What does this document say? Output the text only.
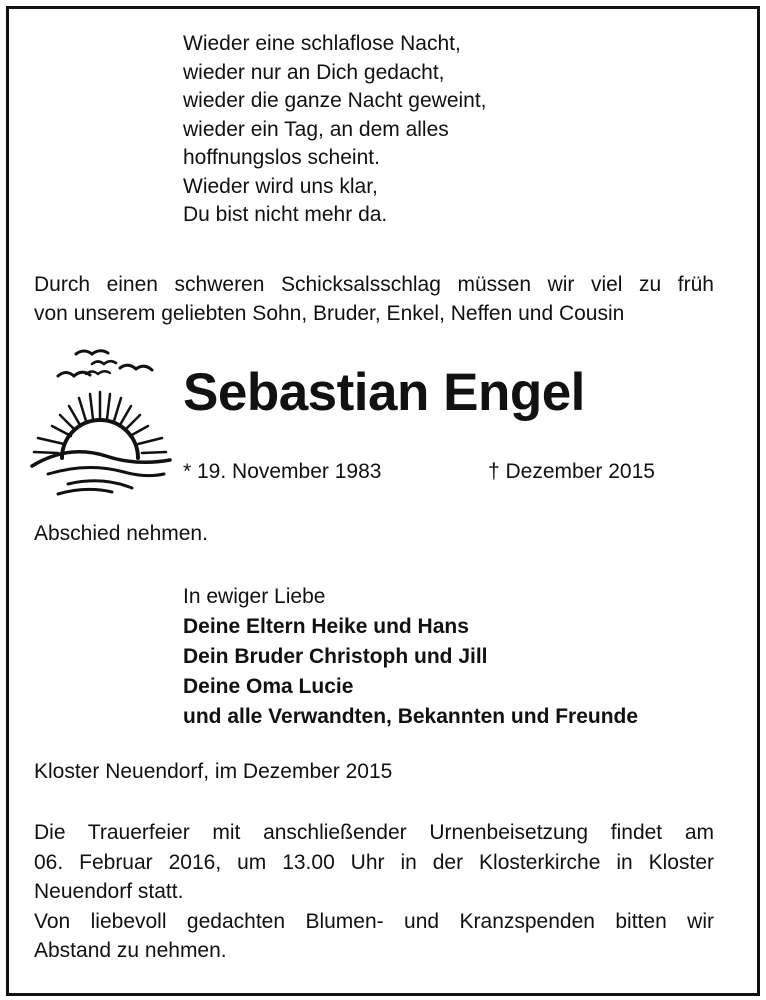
Wieder eine schlaflose Nacht,
wieder nur an Dich gedacht,
wieder die ganze Nacht geweint,
wieder ein Tag, an dem alles
hoffnungslos scheint.
Wieder wird uns klar,
Du bist nicht mehr da.
Durch einen schweren Schicksalsschlag müssen wir viel zu früh
von unserem geliebten Sohn, Bruder, Enkel, Neffen und Cousin
Sebastian Engel
* 19. November 1983	† Dezember 2015
Abschied nehmen.
In ewiger Liebe
Deine Eltern Heike und Hans
Dein Bruder Christoph und Jill
Deine Oma Lucie
und alle Verwandten, Bekannten und Freunde
Kloster Neuendorf, im Dezember 2015
Die Trauerfeier mit anschließender Urnenbeisetzung findet am
06. Februar 2016, um 13.00 Uhr in der Klosterkirche in Kloster
Neuendorf statt.
Von liebevoll gedachten Blumen- und Kranzspenden bitten wir
Abstand zu nehmen.
